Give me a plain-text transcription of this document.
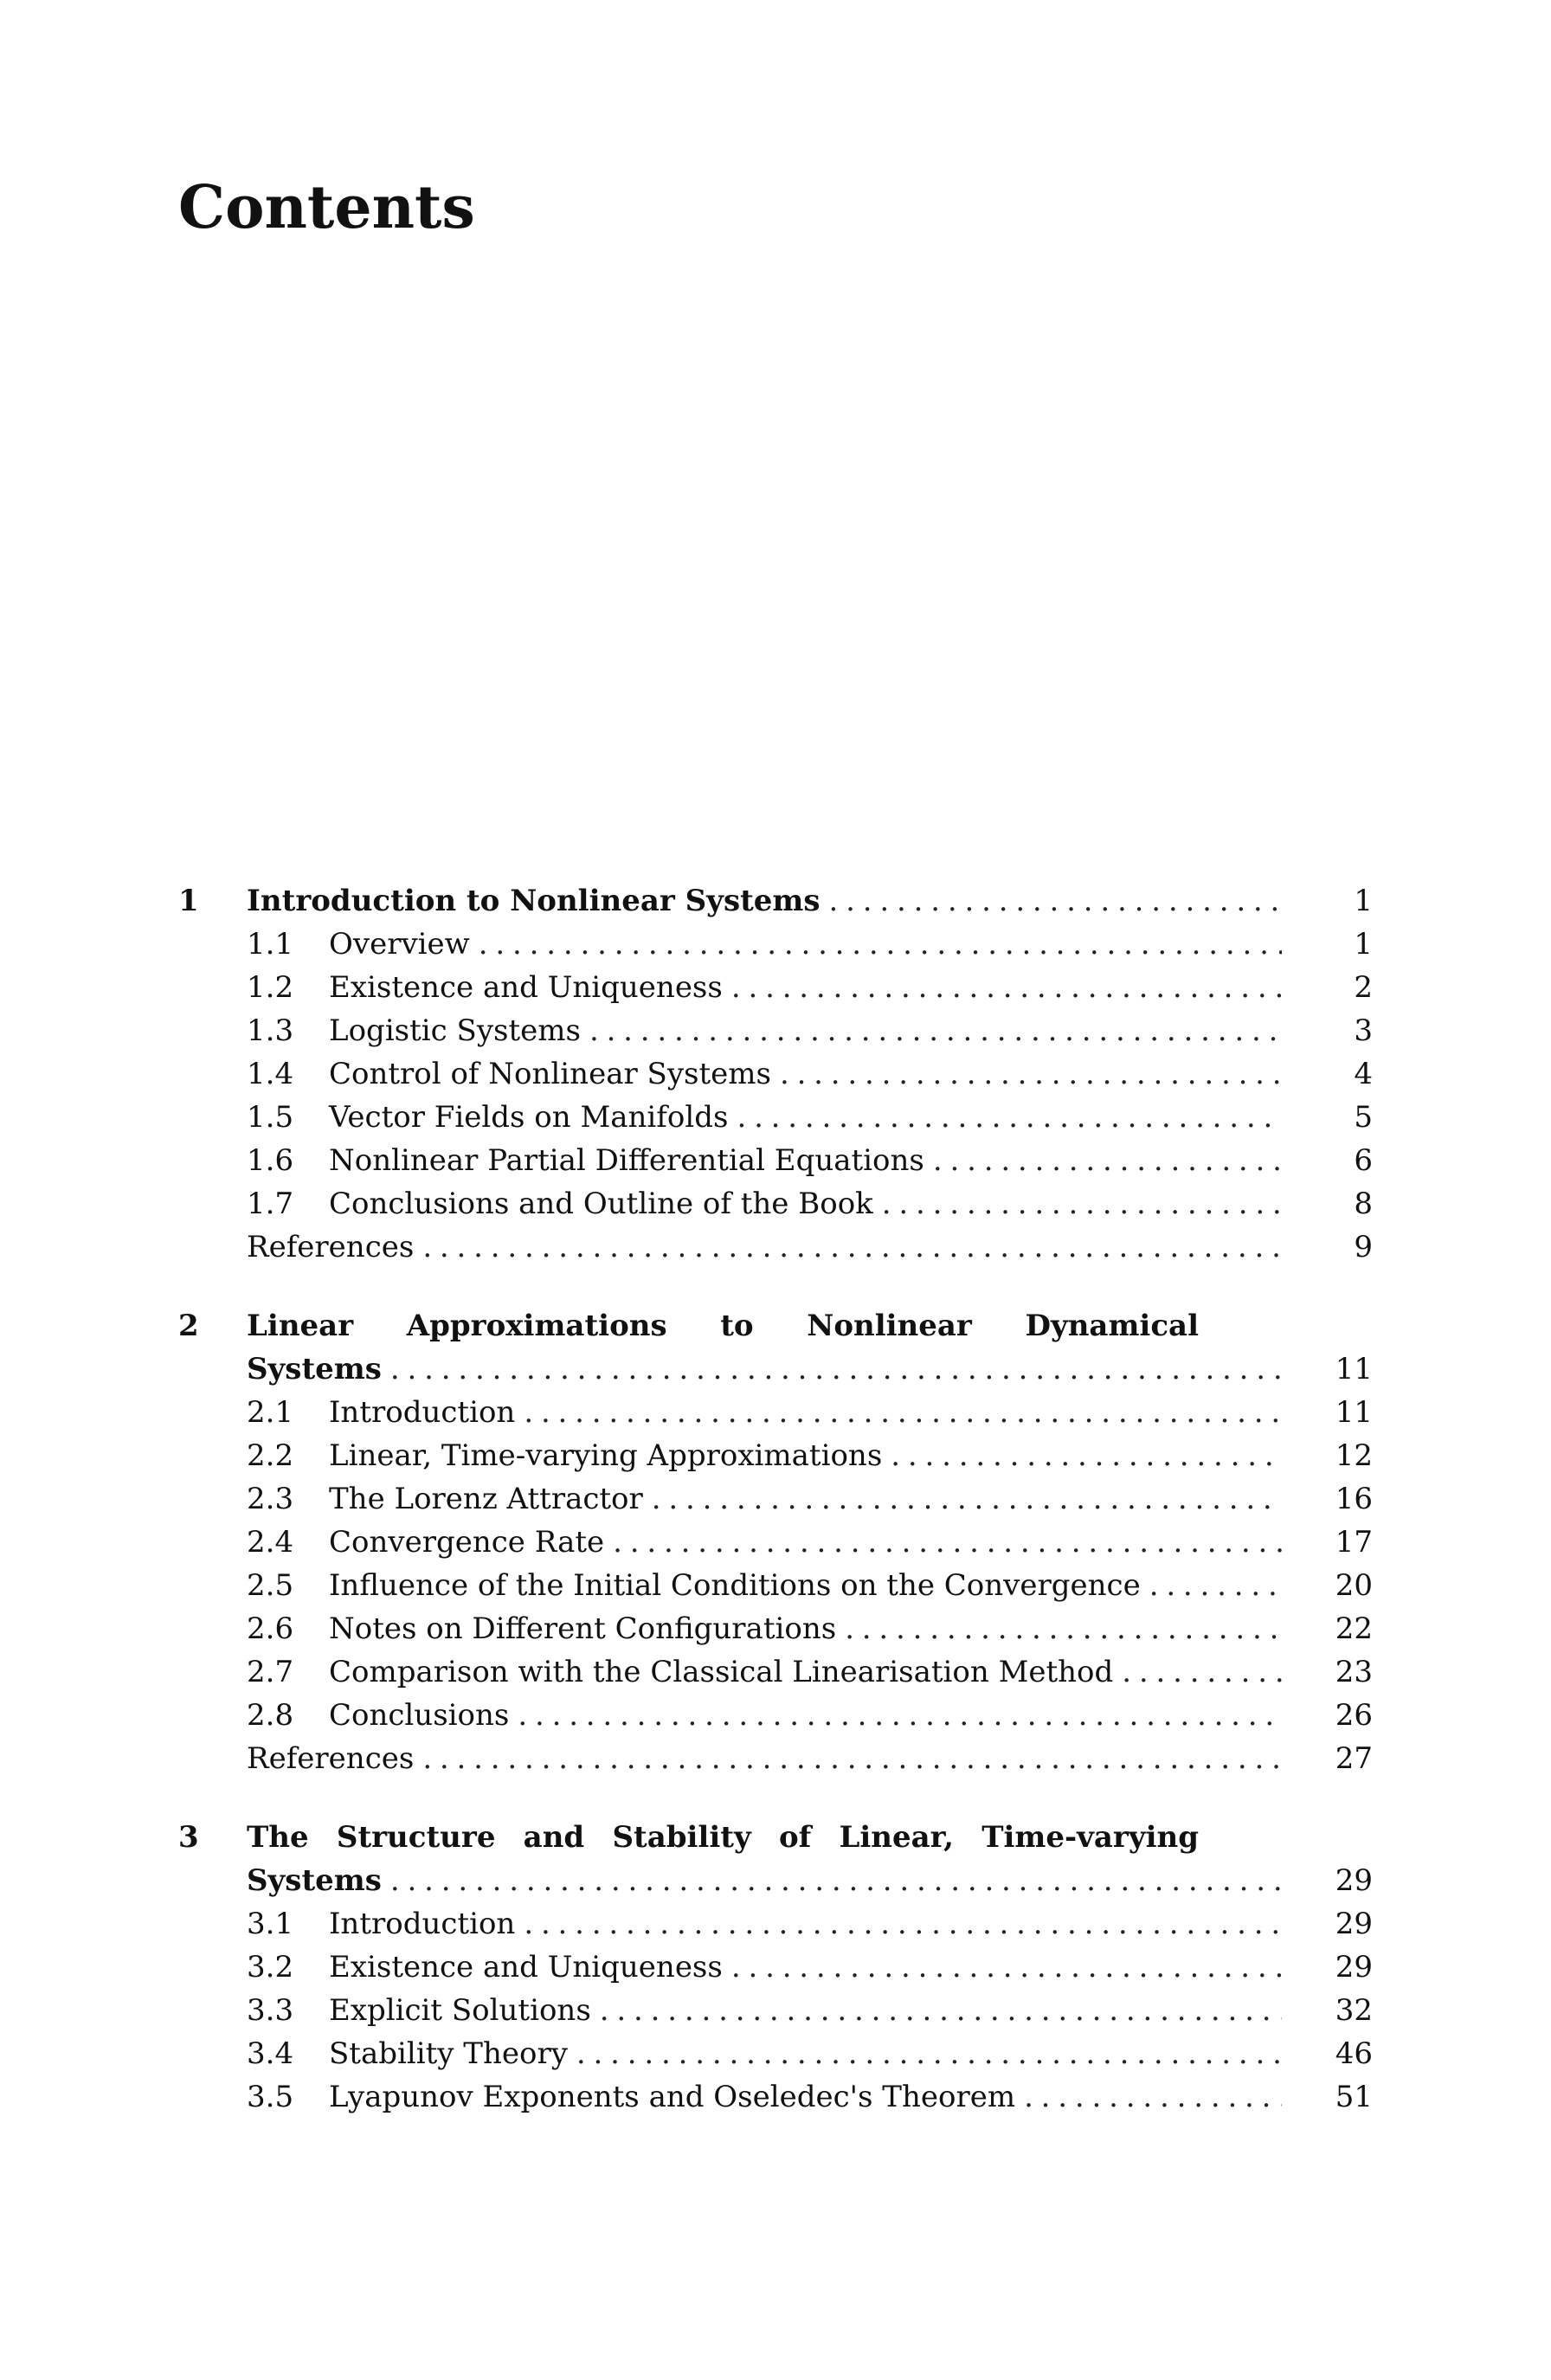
Contents
1	Introduction to Nonlinear Systems . . .	1
1.1	Overview . . .	1
1.2	Existence and Uniqueness . . .	2
1.3	Logistic Systems . . .	3
1.4	Control of Nonlinear Systems . . .	4
1.5	Vector Fields on Manifolds . . .	5
1.6	Nonlinear Partial Differential Equations . . .	6
1.7	Conclusions and Outline of the Book . . .	8
References . . .	9
2	Linear Approximations to Nonlinear Dynamical
Systems . . .	11
2.1	Introduction . . .	11
2.2	Linear, Time-varying Approximations . . .	12
2.3	The Lorenz Attractor . . .	16
2.4	Convergence Rate . . .	17
2.5	Influence of the Initial Conditions on the Convergence . . .	20
2.6	Notes on Different Configurations . . .	22
2.7	Comparison with the Classical Linearisation Method . . .	23
2.8	Conclusions . . .	26
References . . .	27
3	The Structure and Stability of Linear, Time-varying
Systems . . .	29
3.1	Introduction . . .	29
3.2	Existence and Uniqueness . . .	29
3.3	Explicit Solutions . . .	32
3.4	Stability Theory . . .	46
3.5	Lyapunov Exponents and Oseledec's Theorem . . .	51
